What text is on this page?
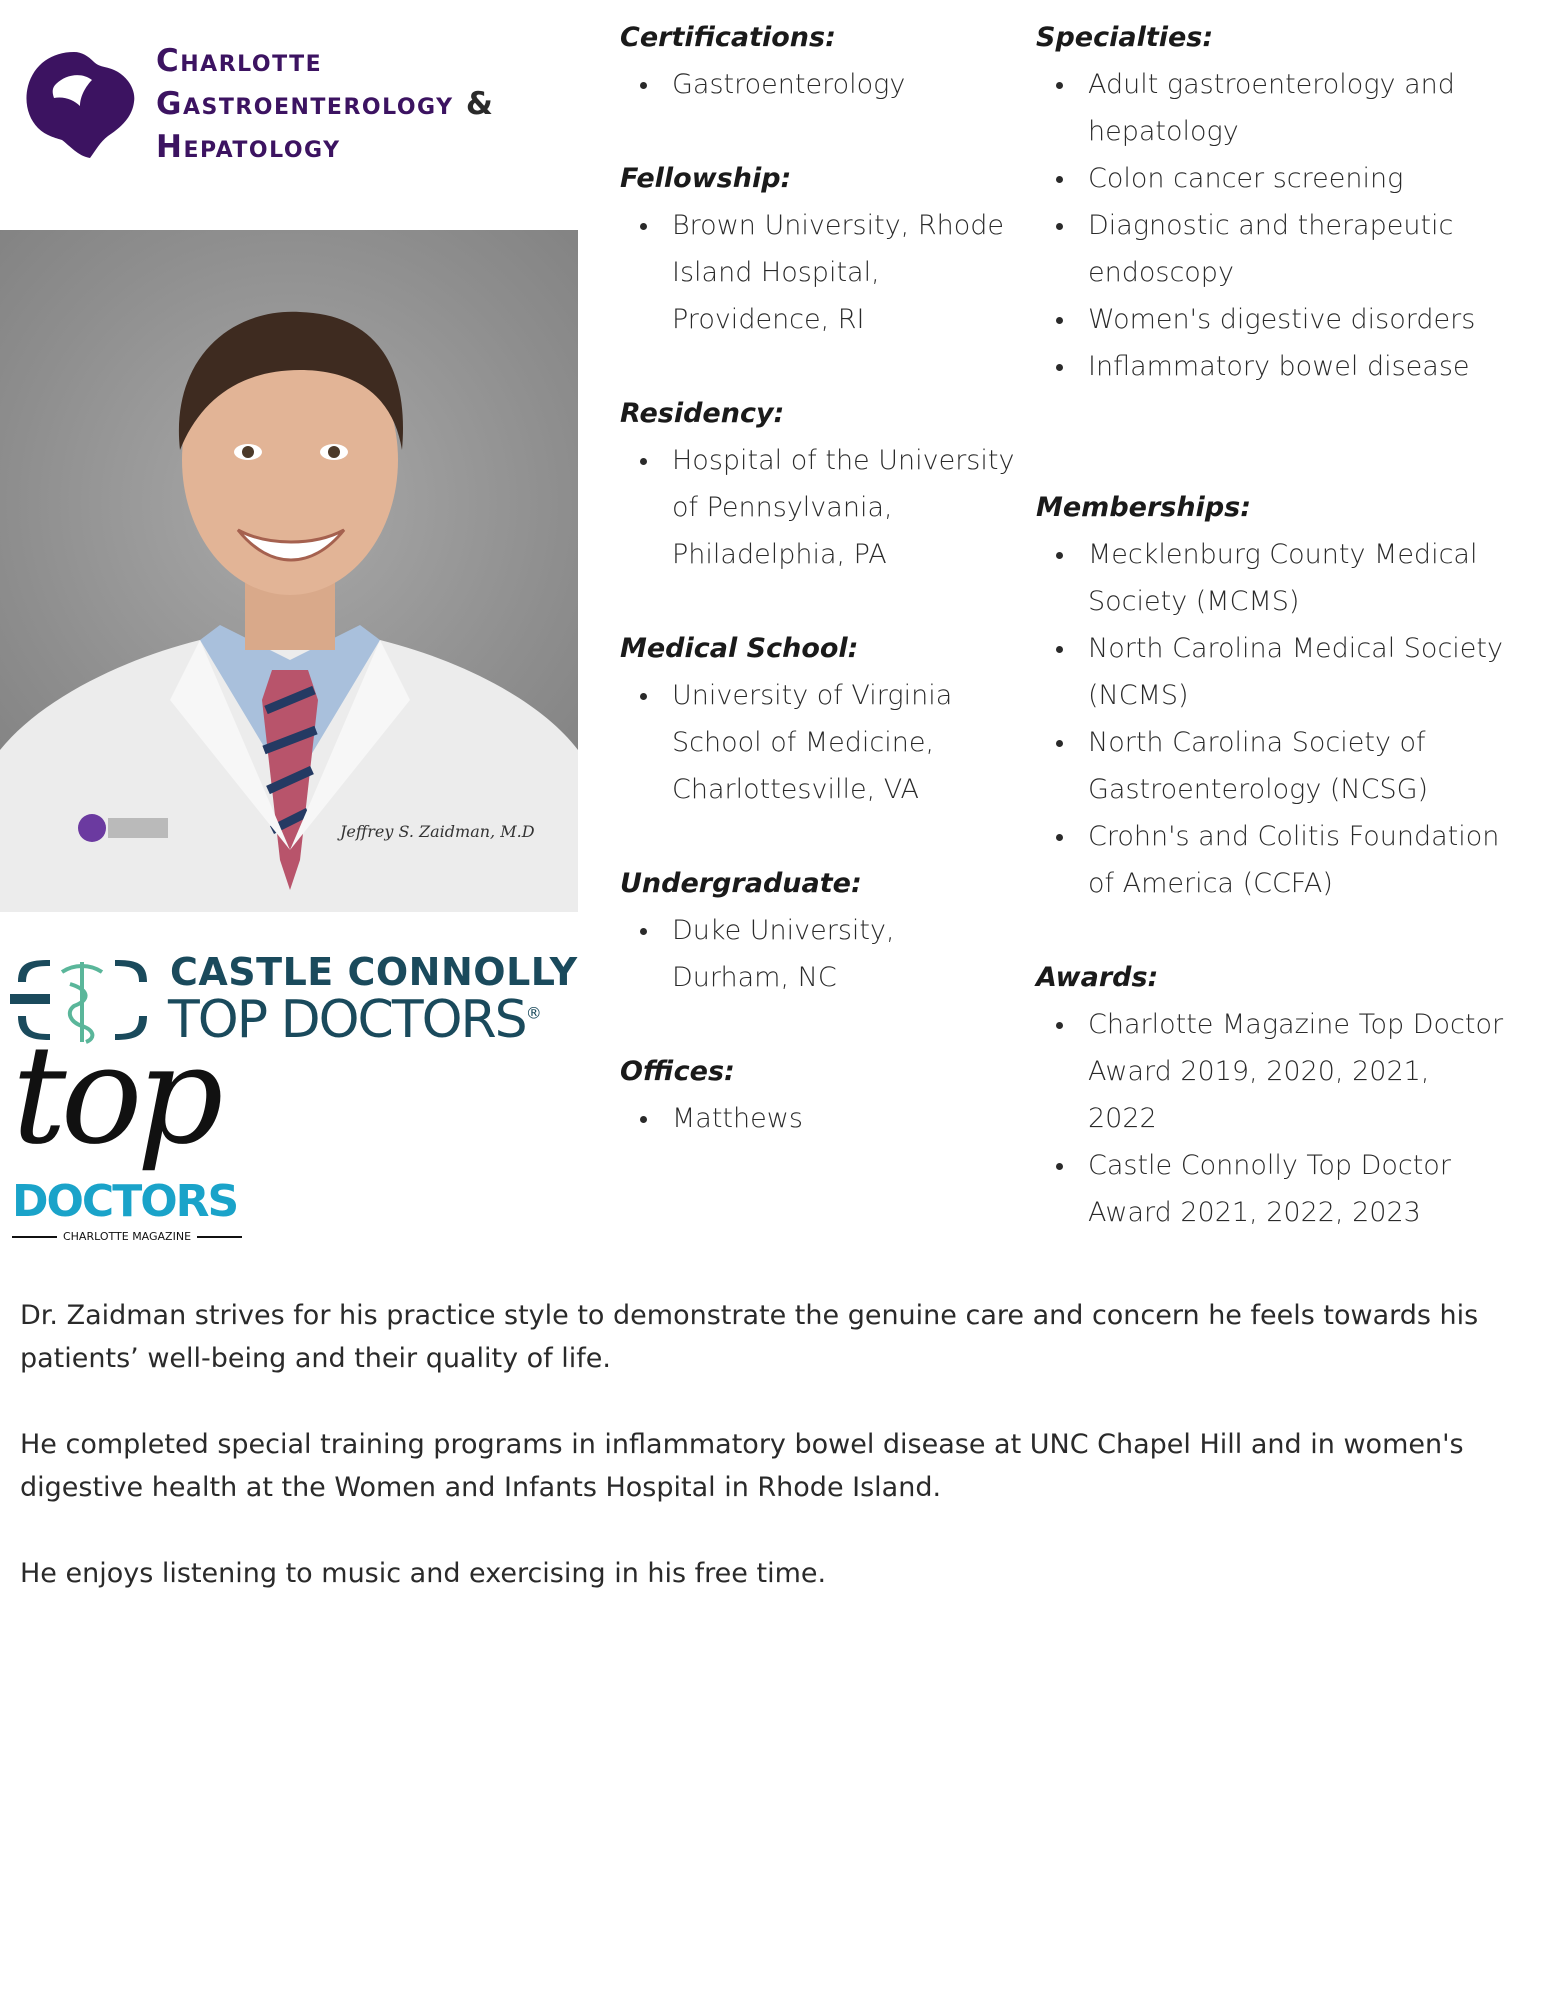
Charlotte
Gastroenterology &
Hepatology
Jeffrey S. Zaidman, M.D
CASTLE CONNOLLY
TOP DOCTORS®
top
DOCTORS
CHARLOTTE MAGAZINE
Certifications:
Gastroenterology
Fellowship:
Brown University, Rhode Island Hospital, Providence, RI
Residency:
Hospital of the University of Pennsylvania, Philadelphia, PA
Medical School:
University of Virginia School of Medicine, Charlottesville, VA
Undergraduate:
Duke University, Durham, NC
Offices:
Matthews
Specialties:
Adult gastroenterology and hepatology
Colon cancer screening
Diagnostic and therapeutic endoscopy
Women's digestive disorders
Inflammatory bowel disease
Memberships:
Mecklenburg County Medical Society (MCMS)
North Carolina Medical Society (NCMS)
North Carolina Society of Gastroenterology (NCSG)
Crohn's and Colitis Foundation of America (CCFA)
Awards:
Charlotte Magazine Top Doctor Award 2019, 2020, 2021, 2022
Castle Connolly Top Doctor Award 2021, 2022, 2023

Dr. Zaidman strives for his practice style to demonstrate the genuine care and concern he feels towards his patients’ well-being and their quality of life.

He completed special training programs in inflammatory bowel disease at UNC Chapel Hill and in women's digestive health at the Women and Infants Hospital in Rhode Island.

He enjoys listening to music and exercising in his free time.
